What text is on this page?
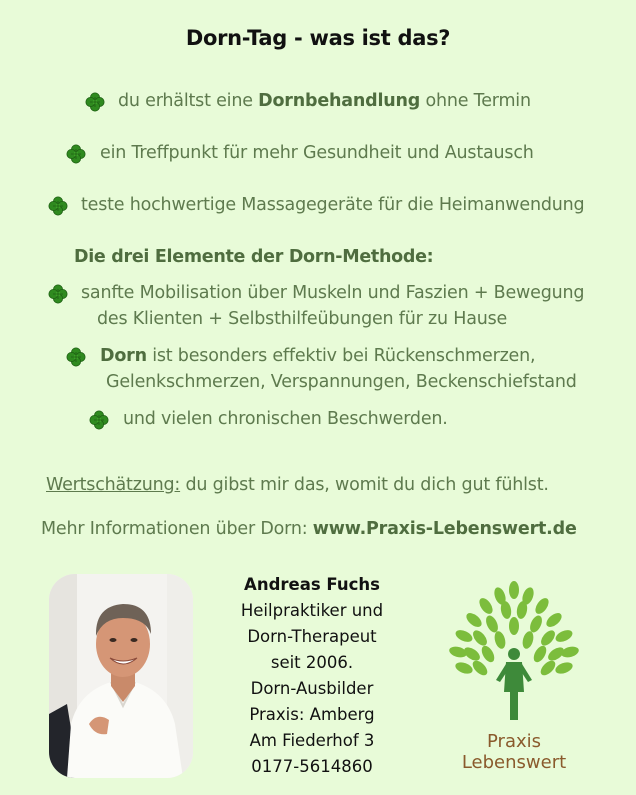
Dorn-Tag - was ist das?
du erhältst eine Dornbehandlung ohne Termin
ein Treffpunkt für mehr Gesundheit und Austausch
teste hochwertige Massagegeräte für die Heimanwendung
Die drei Elemente der Dorn-Methode:
sanfte Mobilisation über Muskeln und Faszien + Bewegung
des Klienten + Selbsthilfeübungen für zu Hause
Dorn ist besonders effektiv bei Rückenschmerzen,
Gelenkschmerzen, Verspannungen, Beckenschiefstand
und vielen chronischen Beschwerden.
Wertschätzung: du gibst mir das, womit du dich gut fühlst.
Mehr Informationen über Dorn: www.Praxis-Lebenswert.de
Andreas Fuchs
Heilpraktiker und
Dorn-Therapeut
seit 2006.
Dorn-Ausbilder
Praxis: Amberg
Am Fiederhof 3
0177-5614860
Praxis
Lebenswert
